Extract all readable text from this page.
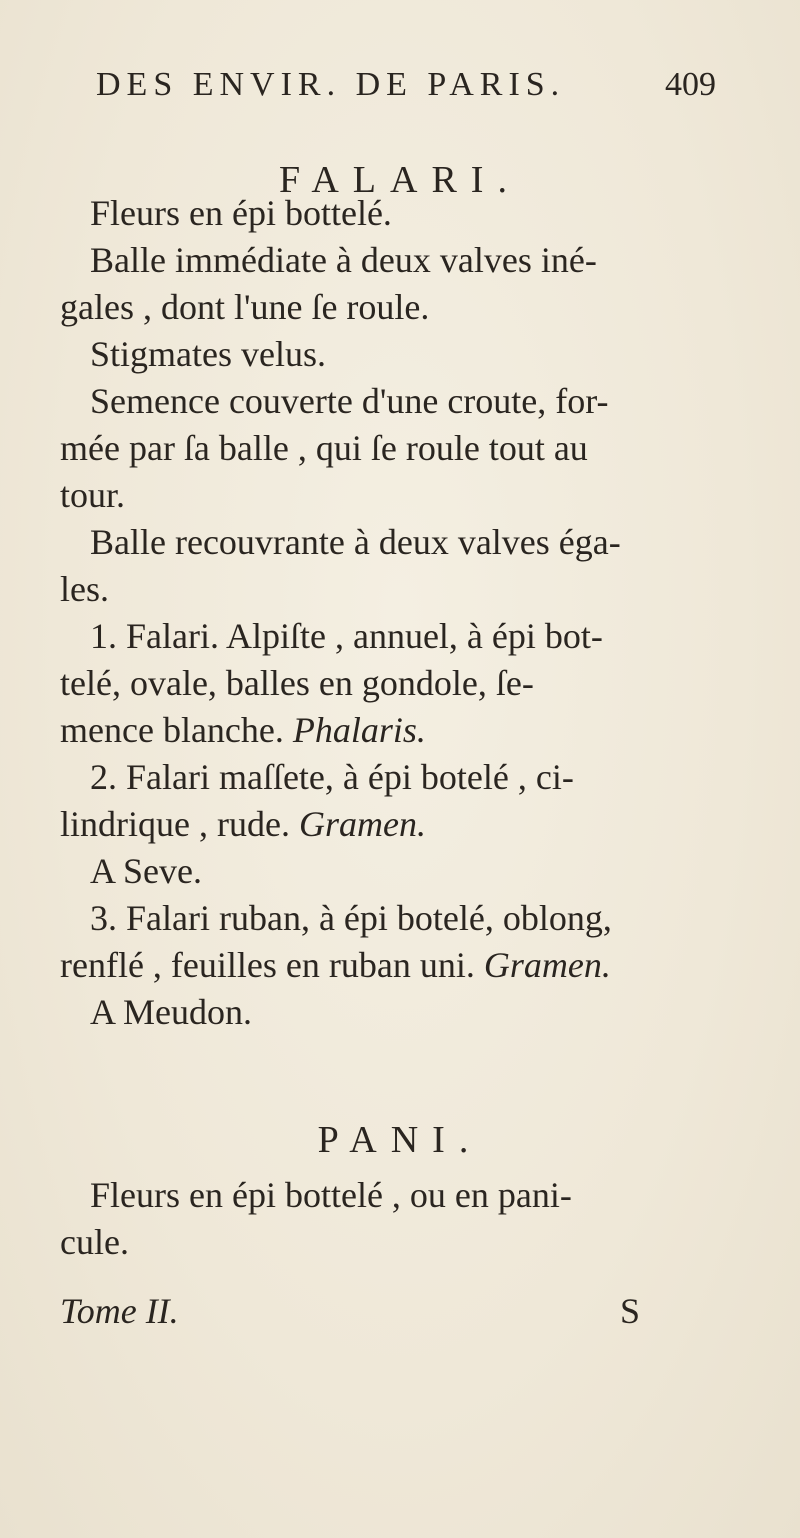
DES ENVIR. DE PARIS.	409
FALARI.
Fleurs en épi bottelé.
Balle immédiate à deux valves iné-
gales , dont l'une ſe roule.
Stigmates velus.
Semence couverte d'une croute, for-
mée par ſa balle , qui ſe roule tout au
tour.
Balle recouvrante à deux valves éga-
les.
1. Falari. Alpiſte , annuel, à épi bot-
telé, ovale, balles en gondole, ſe-
mence blanche. Phalaris.
2. Falari maſſete, à épi botelé , ci-
lindrique , rude. Gramen.
A Seve.
3. Falari ruban, à épi botelé, oblong,
renflé , feuilles en ruban uni. Gramen.
A Meudon.
PANI.
Fleurs en épi bottelé , ou en pani-
cule.
Tome II.	S
